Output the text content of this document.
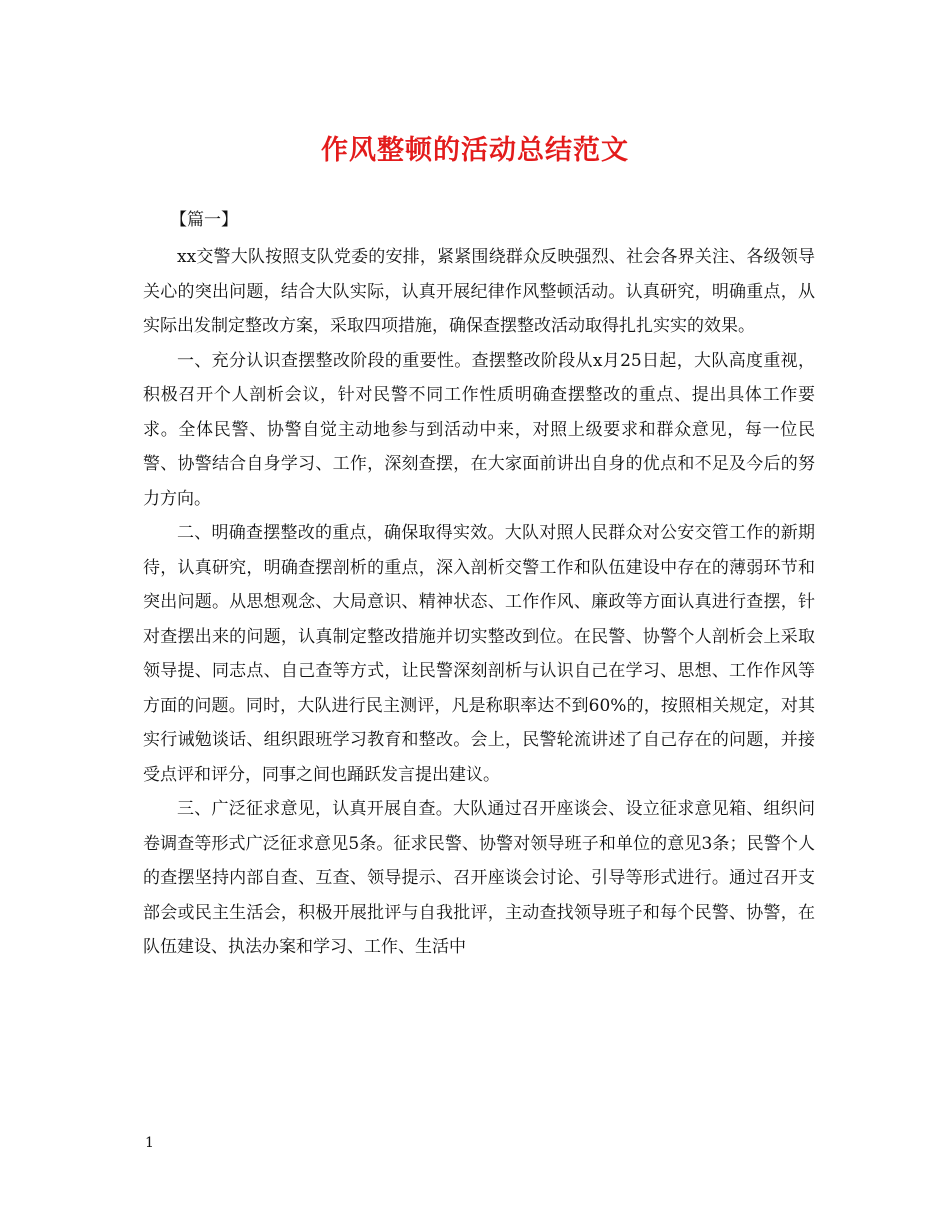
作风整顿的活动总结范文
【篇一】

xx交警大队按照支队党委的安排，紧紧围绕群众反映强烈、社会各界关注、各级领导关心的突出问题，结合大队实际，认真开展纪律作风整顿活动。认真研究，明确重点，从实际出发制定整改方案，采取四项措施，确保查摆整改活动取得扎扎实实的效果。

一、充分认识查摆整改阶段的重要性。查摆整改阶段从x月25日起，大队高度重视，积极召开个人剖析会议，针对民警不同工作性质明确查摆整改的重点、提出具体工作要求。全体民警、协警自觉主动地参与到活动中来，对照上级要求和群众意见，每一位民警、协警结合自身学习、工作，深刻查摆，在大家面前讲出自身的优点和不足及今后的努力方向。

二、明确查摆整改的重点，确保取得实效。大队对照人民群众对公安交管工作的新期待，认真研究，明确查摆剖析的重点，深入剖析交警工作和队伍建设中存在的薄弱环节和突出问题。从思想观念、大局意识、精神状态、工作作风、廉政等方面认真进行查摆，针对查摆出来的问题，认真制定整改措施并切实整改到位。在民警、协警个人剖析会上采取领导提、同志点、自己查等方式，让民警深刻剖析与认识自己在学习、思想、工作作风等方面的问题。同时，大队进行民主测评，凡是称职率达不到60%的，按照相关规定，对其实行诫勉谈话、组织跟班学习教育和整改。会上，民警轮流讲述了自己存在的问题，并接受点评和评分，同事之间也踊跃发言提出建议。

三、广泛征求意见，认真开展自查。大队通过召开座谈会、设立征求意见箱、组织问卷调查等形式广泛征求意见5条。征求民警、协警对领导班子和单位的意见3条；民警个人的查摆坚持内部自查、互查、领导提示、召开座谈会讨论、引导等形式进行。通过召开支部会或民主生活会，积极开展批评与自我批评，主动查找领导班子和每个民警、协警，在队伍建设、执法办案和学习、工作、生活中

1
